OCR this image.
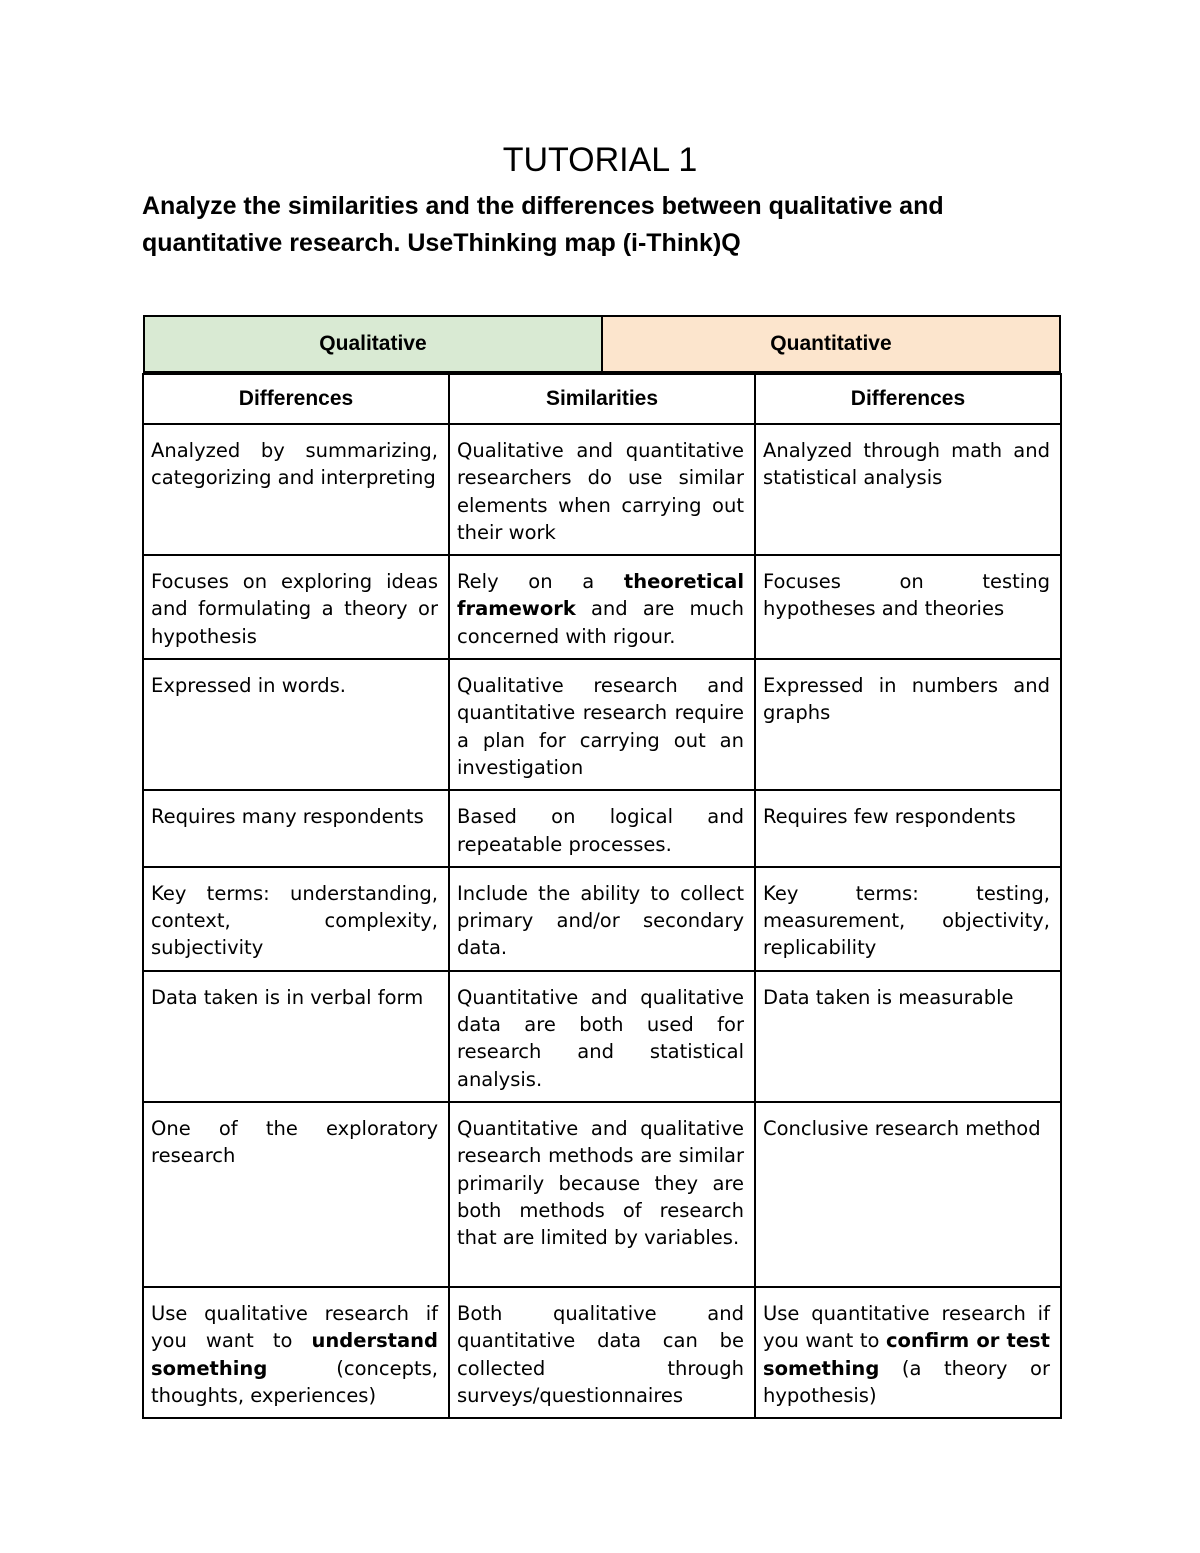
TUTORIAL 1

Analyze the similarities and the differences between qualitative and quantitative research. UseThinking map (i-Think)Q

Qualitative	Quantitative

Differences	Similarities	Differences
Analyzed by summarizing, categorizing and interpreting	Qualitative and quantitative researchers do use similar elements when carrying out their work	Analyzed through math and statistical analysis
Focuses on exploring ideas and formulating a theory or hypothesis	Rely on a theoretical framework and are much concerned with rigour.	Focuses on testing hypotheses and theories
Expressed in words.	Qualitative research and quantitative research require a plan for carrying out an investigation	Expressed in numbers and graphs
Requires many respondents	Based on logical and repeatable processes.	Requires few respondents
Key terms: understanding, context, complexity, subjectivity	Include the ability to collect primary and/or secondary data.	Key terms: testing, measurement, objectivity, replicability
Data taken is in verbal form	Quantitative and qualitative data are both used for research and statistical analysis.	Data taken is measurable
One of the exploratory research	Quantitative and qualitative research methods are similar primarily because they are both methods of research that are limited by variables.	Conclusive research method
Use qualitative research if you want to understand something (concepts, thoughts, experiences)	Both qualitative and quantitative data can be collected through surveys/questionnaires	Use quantitative research if you want to confirm or test something (a theory or hypothesis)
